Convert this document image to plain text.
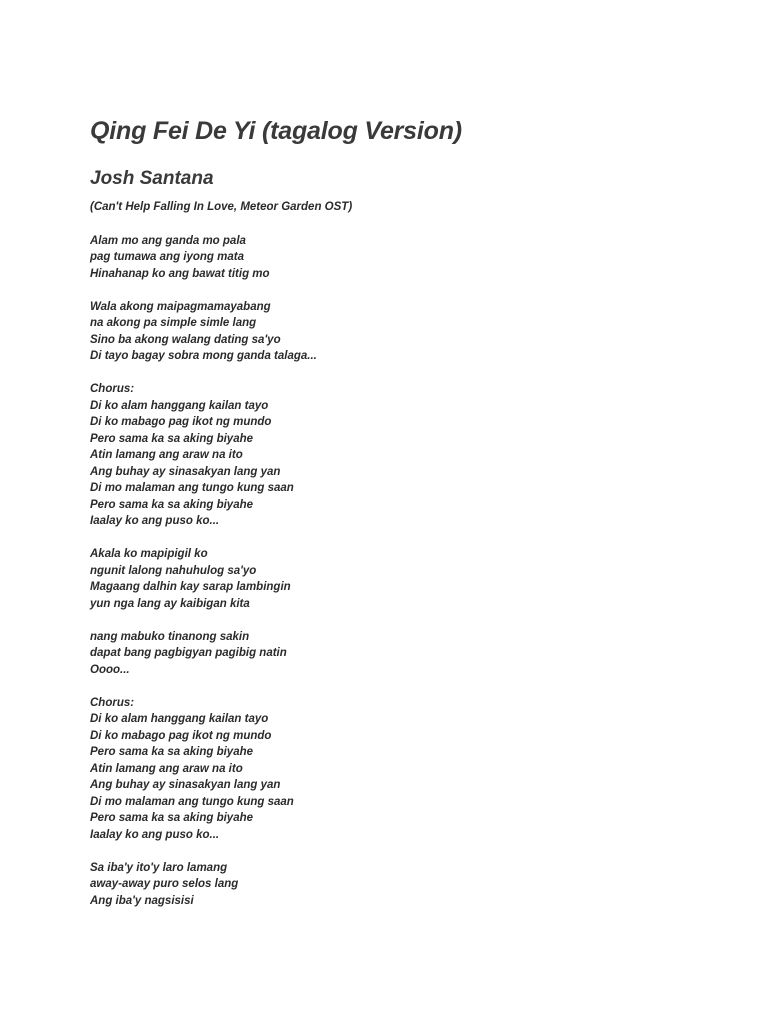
Qing Fei De Yi (tagalog Version)
Josh Santana
(Can't Help Falling In Love, Meteor Garden OST)
Alam mo ang ganda mo pala
pag tumawa ang iyong mata
Hinahanap ko ang bawat titig mo
Wala akong maipagmamayabang
na akong pa simple simle lang
Sino ba akong walang dating sa'yo
Di tayo bagay sobra mong ganda talaga...
Chorus:
Di ko alam hanggang kailan tayo
Di ko mabago pag ikot ng mundo
Pero sama ka sa aking biyahe
Atin lamang ang araw na ito
Ang buhay ay sinasakyan lang yan
Di mo malaman ang tungo kung saan
Pero sama ka sa aking biyahe
Iaalay ko ang puso ko...
Akala ko mapipigil ko
ngunit lalong nahuhulog sa'yo
Magaang dalhin kay sarap lambingin
yun nga lang ay kaibigan kita
nang mabuko tinanong sakin
dapat bang pagbigyan pagibig natin
Oooo...
Chorus:
Di ko alam hanggang kailan tayo
Di ko mabago pag ikot ng mundo
Pero sama ka sa aking biyahe
Atin lamang ang araw na ito
Ang buhay ay sinasakyan lang yan
Di mo malaman ang tungo kung saan
Pero sama ka sa aking biyahe
Iaalay ko ang puso ko...
Sa iba'y ito'y laro lamang
away-away puro selos lang
Ang iba'y nagsisisi
